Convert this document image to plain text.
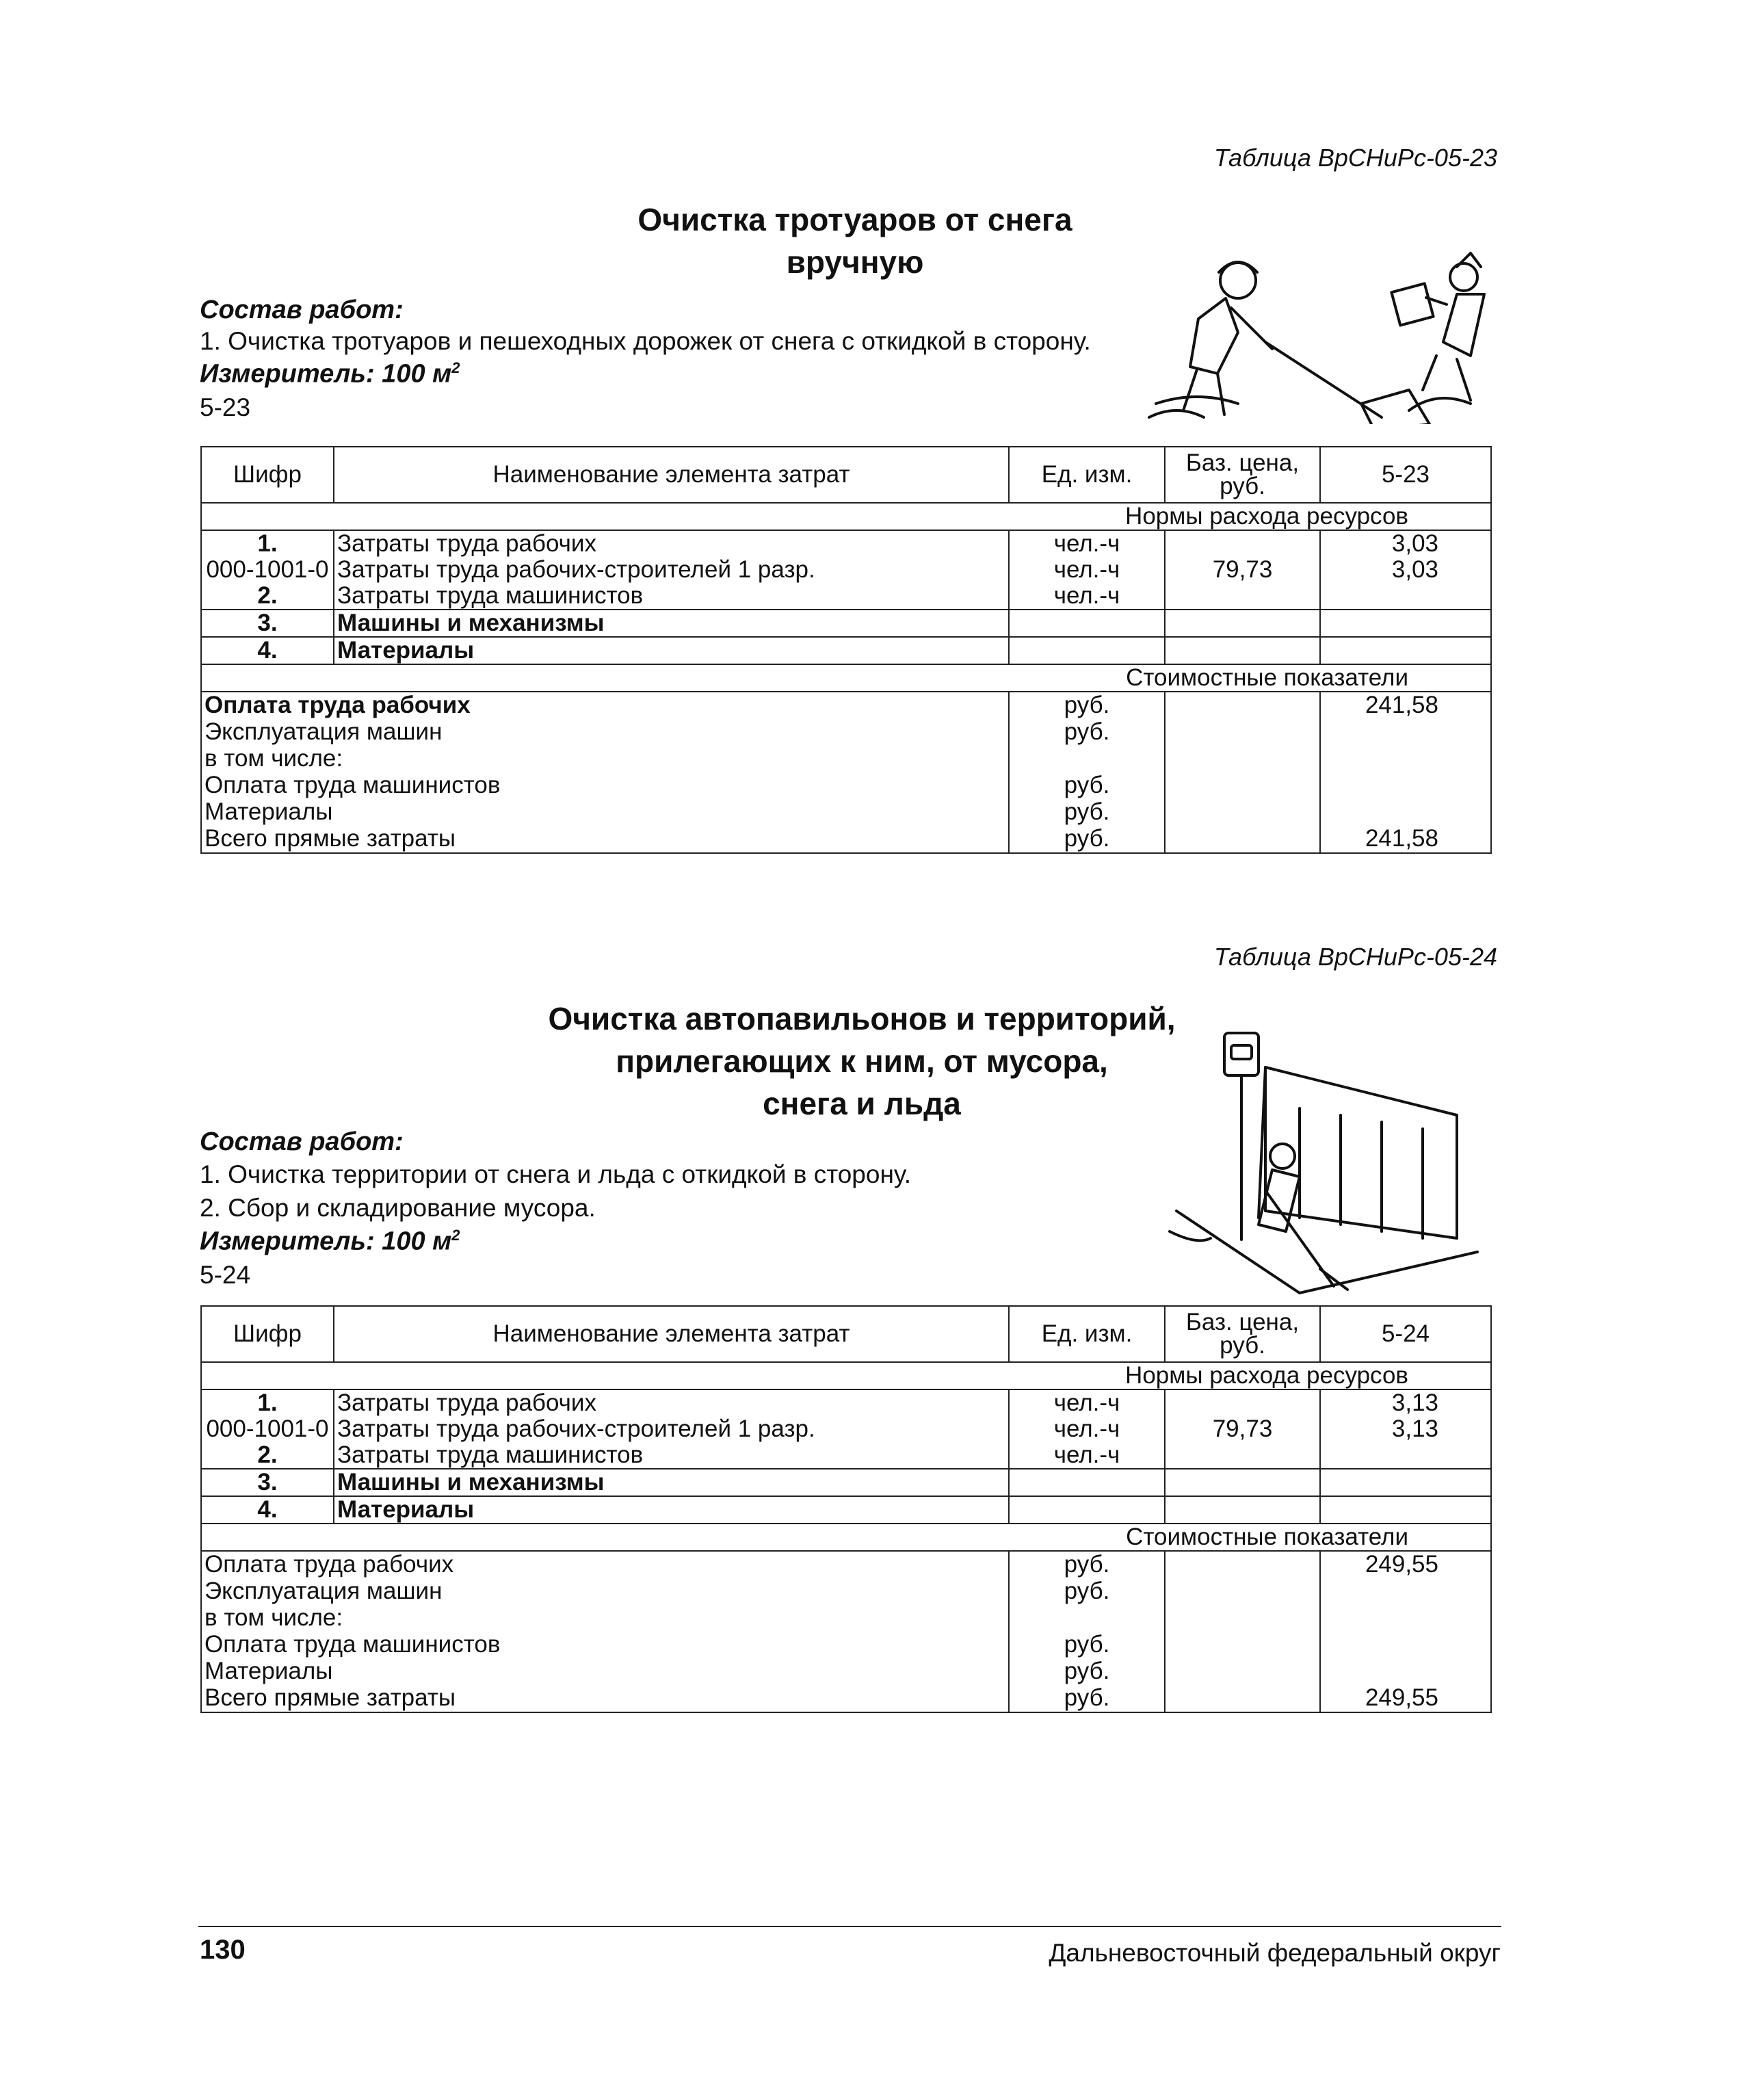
Таблица ВрСНиРс-05-23
Очистка тротуаров от снега
вручную
Состав работ:
1. Очистка тротуаров и пешеходных дорожек от снега с откидкой в сторону.
Измеритель: 100 $м^2$
5-23
Шифр	Наименование элемента затрат	Ед. изм.	Баз. цена, руб.	5-23
Нормы расхода ресурсов				
1.	Затраты труда рабочих	чел.-ч		3,03
000-1001-0	Затраты труда рабочих-строителей 1 разр.	чел.-ч	79,73	3,03
2.	Затраты труда машинистов	чел.-ч		
3.	Машины и механизмы			
4.	Материалы			
Стоимостные показатели				
Оплата труда рабочих		руб.		241,58
Эксплуатация машин		руб.		
в том числе:				
Оплата труда машинистов		руб.		
Материалы		руб.		
Всего прямые затраты		руб.		241,58
Таблица ВрСНиРс-05-24
Очистка автопавильонов и территорий,
прилегающих к ним, от мусора,
снега и льда
Состав работ:
1. Очистка территории от снега и льда с откидкой в сторону.
2. Сбор и складирование мусора.
Измеритель: 100 $м^2$
5-24
Шифр	Наименование элемента затрат	Ед. изм.	Баз. цена, руб.	5-24
Нормы расхода ресурсов				
1.	Затраты труда рабочих	чел.-ч		3,13
000-1001-0	Затраты труда рабочих-строителей 1 разр.	чел.-ч	79,73	3,13
2.	Затраты труда машинистов	чел.-ч		
3.	Машины и механизмы			
4.	Материалы			
Стоимостные показатели				
Оплата труда рабочих		руб.		249,55
Эксплуатация машин		руб.		
в том числе:				
Оплата труда машинистов		руб.		
Материалы		руб.		
Всего прямые затраты		руб.		249,55
130	Дальневосточный федеральный округ
